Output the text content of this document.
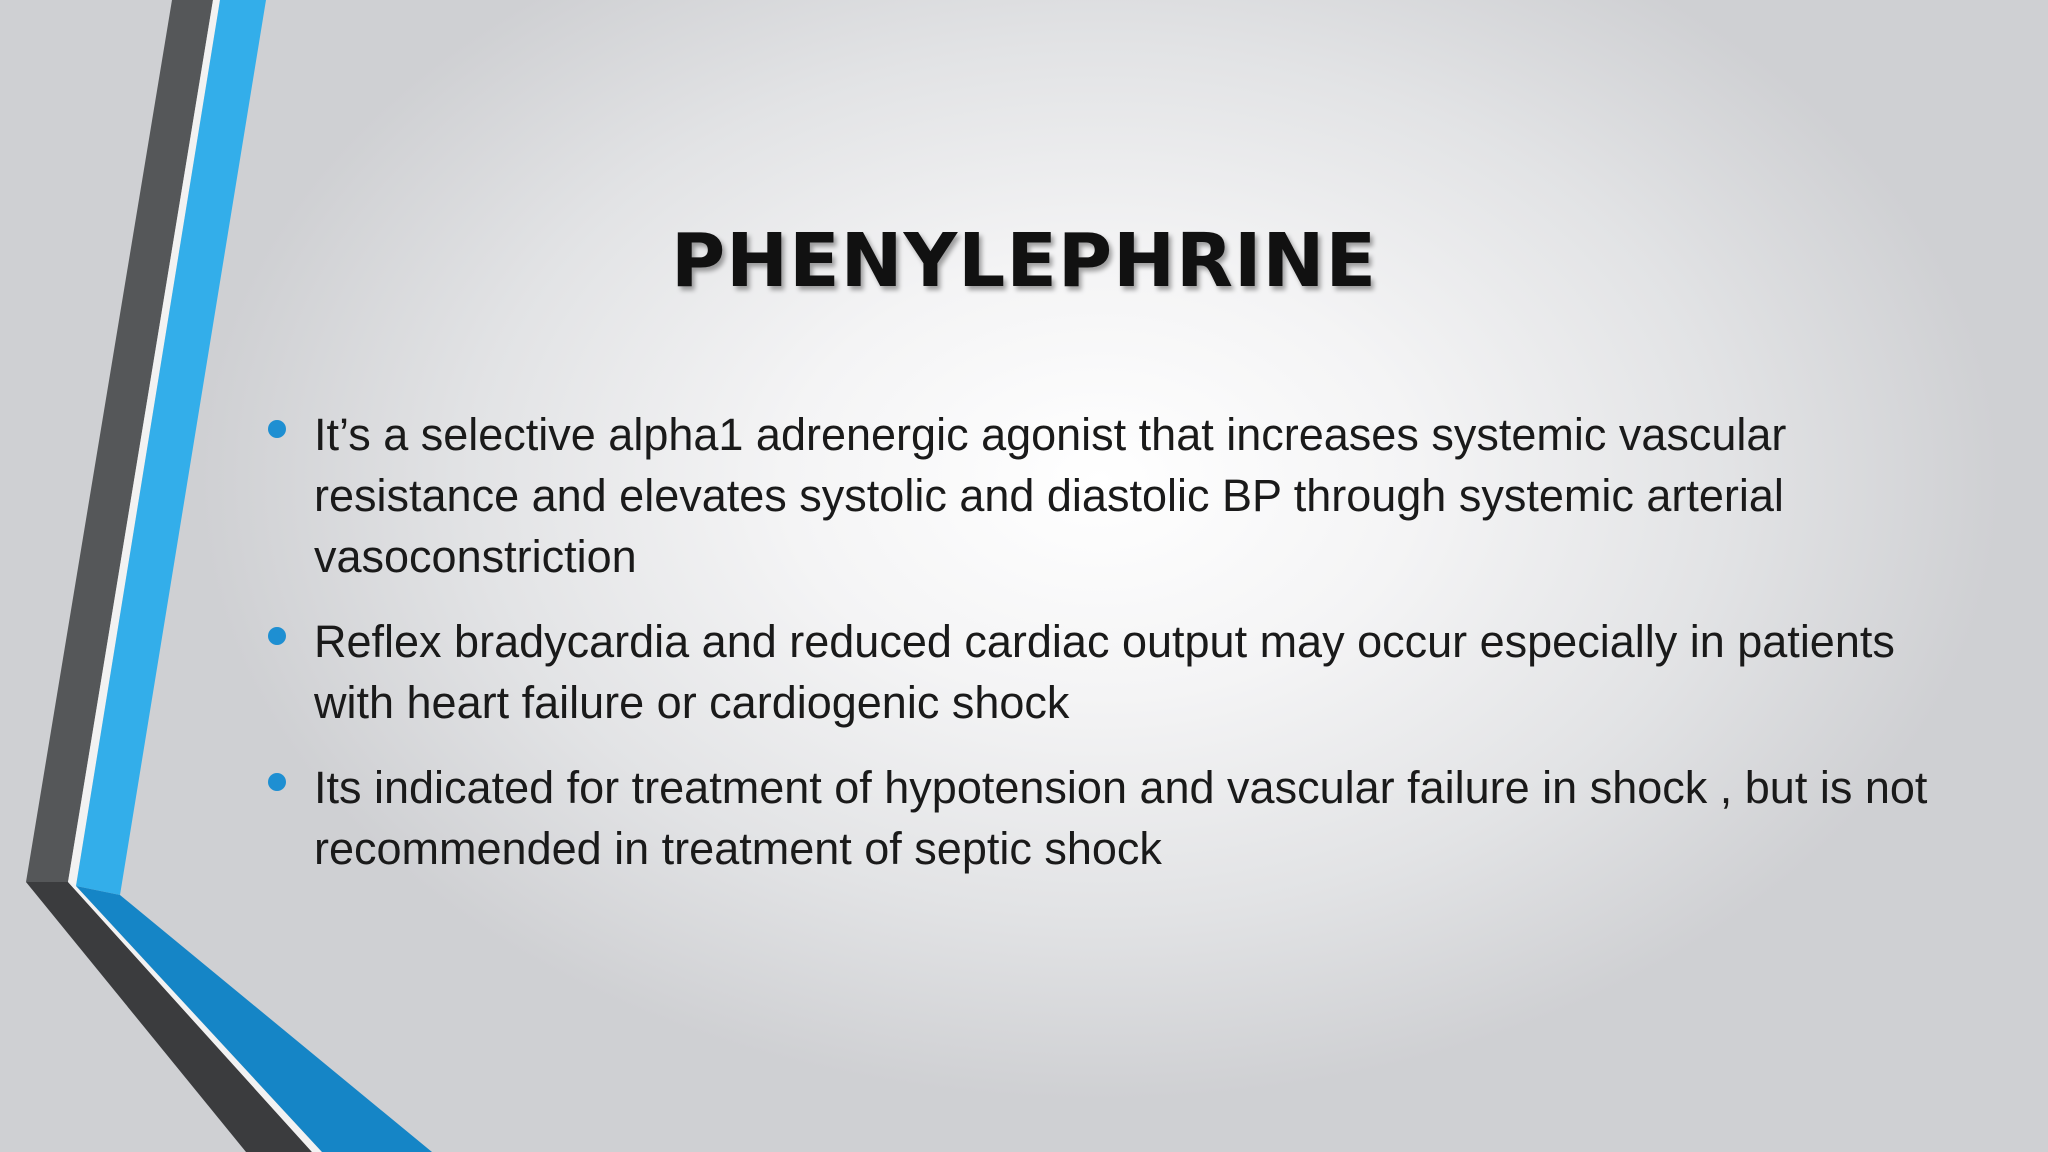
PHENYLEPHRINE
It’s a selective alpha1 adrenergic agonist that increases systemic vascular resistance and elevates systolic and diastolic BP through systemic arterial vasoconstriction
Reflex bradycardia and reduced cardiac output may occur especially in patients with heart failure or cardiogenic shock
Its indicated for treatment of hypotension and vascular failure in shock , but is not recommended in treatment of septic shock
